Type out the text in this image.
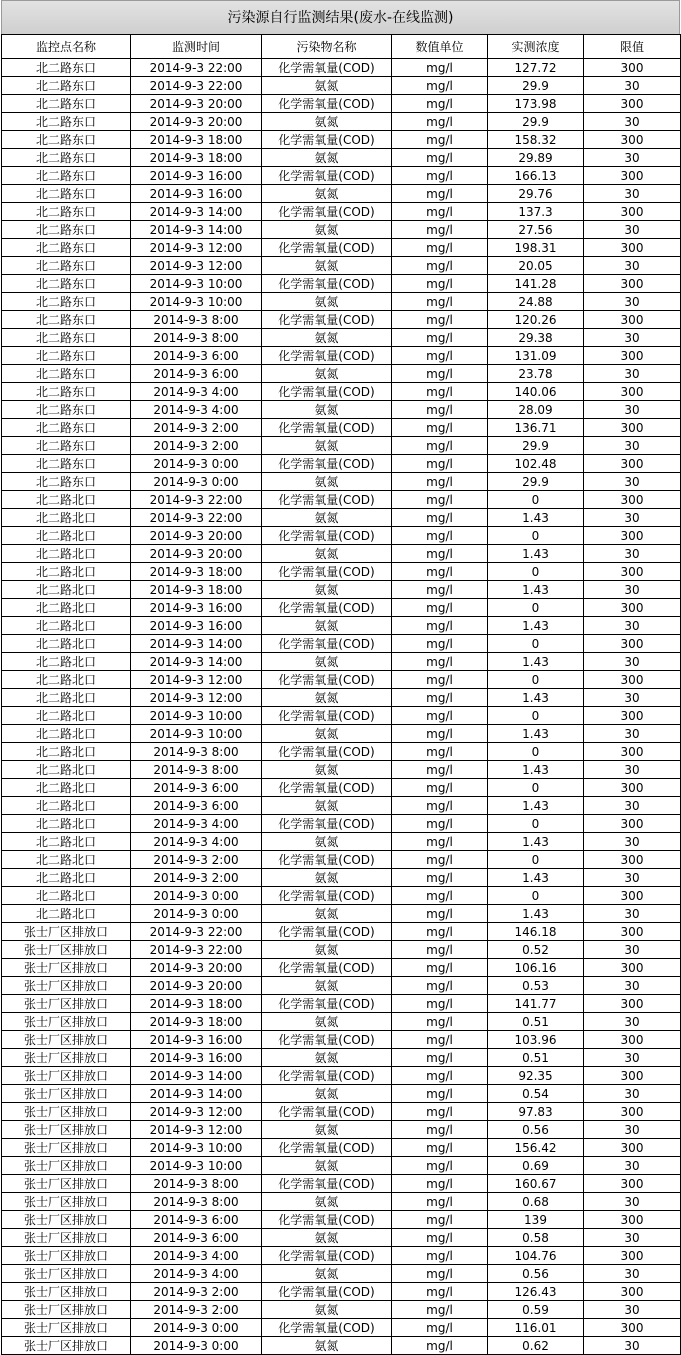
污染源自行监测结果(废水-在线监测)
监控点名称	监测时间	污染物名称	数值单位	实测浓度	限值
北二路东口	2014-9-3 22:00	化学需氧量(COD)	mg/l	127.72	300
北二路东口	2014-9-3 22:00	氨氮	mg/l	29.9	30
北二路东口	2014-9-3 20:00	化学需氧量(COD)	mg/l	173.98	300
北二路东口	2014-9-3 20:00	氨氮	mg/l	29.9	30
北二路东口	2014-9-3 18:00	化学需氧量(COD)	mg/l	158.32	300
北二路东口	2014-9-3 18:00	氨氮	mg/l	29.89	30
北二路东口	2014-9-3 16:00	化学需氧量(COD)	mg/l	166.13	300
北二路东口	2014-9-3 16:00	氨氮	mg/l	29.76	30
北二路东口	2014-9-3 14:00	化学需氧量(COD)	mg/l	137.3	300
北二路东口	2014-9-3 14:00	氨氮	mg/l	27.56	30
北二路东口	2014-9-3 12:00	化学需氧量(COD)	mg/l	198.31	300
北二路东口	2014-9-3 12:00	氨氮	mg/l	20.05	30
北二路东口	2014-9-3 10:00	化学需氧量(COD)	mg/l	141.28	300
北二路东口	2014-9-3 10:00	氨氮	mg/l	24.88	30
北二路东口	2014-9-3 8:00	化学需氧量(COD)	mg/l	120.26	300
北二路东口	2014-9-3 8:00	氨氮	mg/l	29.38	30
北二路东口	2014-9-3 6:00	化学需氧量(COD)	mg/l	131.09	300
北二路东口	2014-9-3 6:00	氨氮	mg/l	23.78	30
北二路东口	2014-9-3 4:00	化学需氧量(COD)	mg/l	140.06	300
北二路东口	2014-9-3 4:00	氨氮	mg/l	28.09	30
北二路东口	2014-9-3 2:00	化学需氧量(COD)	mg/l	136.71	300
北二路东口	2014-9-3 2:00	氨氮	mg/l	29.9	30
北二路东口	2014-9-3 0:00	化学需氧量(COD)	mg/l	102.48	300
北二路东口	2014-9-3 0:00	氨氮	mg/l	29.9	30
北二路北口	2014-9-3 22:00	化学需氧量(COD)	mg/l	0	300
北二路北口	2014-9-3 22:00	氨氮	mg/l	1.43	30
北二路北口	2014-9-3 20:00	化学需氧量(COD)	mg/l	0	300
北二路北口	2014-9-3 20:00	氨氮	mg/l	1.43	30
北二路北口	2014-9-3 18:00	化学需氧量(COD)	mg/l	0	300
北二路北口	2014-9-3 18:00	氨氮	mg/l	1.43	30
北二路北口	2014-9-3 16:00	化学需氧量(COD)	mg/l	0	300
北二路北口	2014-9-3 16:00	氨氮	mg/l	1.43	30
北二路北口	2014-9-3 14:00	化学需氧量(COD)	mg/l	0	300
北二路北口	2014-9-3 14:00	氨氮	mg/l	1.43	30
北二路北口	2014-9-3 12:00	化学需氧量(COD)	mg/l	0	300
北二路北口	2014-9-3 12:00	氨氮	mg/l	1.43	30
北二路北口	2014-9-3 10:00	化学需氧量(COD)	mg/l	0	300
北二路北口	2014-9-3 10:00	氨氮	mg/l	1.43	30
北二路北口	2014-9-3 8:00	化学需氧量(COD)	mg/l	0	300
北二路北口	2014-9-3 8:00	氨氮	mg/l	1.43	30
北二路北口	2014-9-3 6:00	化学需氧量(COD)	mg/l	0	300
北二路北口	2014-9-3 6:00	氨氮	mg/l	1.43	30
北二路北口	2014-9-3 4:00	化学需氧量(COD)	mg/l	0	300
北二路北口	2014-9-3 4:00	氨氮	mg/l	1.43	30
北二路北口	2014-9-3 2:00	化学需氧量(COD)	mg/l	0	300
北二路北口	2014-9-3 2:00	氨氮	mg/l	1.43	30
北二路北口	2014-9-3 0:00	化学需氧量(COD)	mg/l	0	300
北二路北口	2014-9-3 0:00	氨氮	mg/l	1.43	30
张士厂区排放口	2014-9-3 22:00	化学需氧量(COD)	mg/l	146.18	300
张士厂区排放口	2014-9-3 22:00	氨氮	mg/l	0.52	30
张士厂区排放口	2014-9-3 20:00	化学需氧量(COD)	mg/l	106.16	300
张士厂区排放口	2014-9-3 20:00	氨氮	mg/l	0.53	30
张士厂区排放口	2014-9-3 18:00	化学需氧量(COD)	mg/l	141.77	300
张士厂区排放口	2014-9-3 18:00	氨氮	mg/l	0.51	30
张士厂区排放口	2014-9-3 16:00	化学需氧量(COD)	mg/l	103.96	300
张士厂区排放口	2014-9-3 16:00	氨氮	mg/l	0.51	30
张士厂区排放口	2014-9-3 14:00	化学需氧量(COD)	mg/l	92.35	300
张士厂区排放口	2014-9-3 14:00	氨氮	mg/l	0.54	30
张士厂区排放口	2014-9-3 12:00	化学需氧量(COD)	mg/l	97.83	300
张士厂区排放口	2014-9-3 12:00	氨氮	mg/l	0.56	30
张士厂区排放口	2014-9-3 10:00	化学需氧量(COD)	mg/l	156.42	300
张士厂区排放口	2014-9-3 10:00	氨氮	mg/l	0.69	30
张士厂区排放口	2014-9-3 8:00	化学需氧量(COD)	mg/l	160.67	300
张士厂区排放口	2014-9-3 8:00	氨氮	mg/l	0.68	30
张士厂区排放口	2014-9-3 6:00	化学需氧量(COD)	mg/l	139	300
张士厂区排放口	2014-9-3 6:00	氨氮	mg/l	0.58	30
张士厂区排放口	2014-9-3 4:00	化学需氧量(COD)	mg/l	104.76	300
张士厂区排放口	2014-9-3 4:00	氨氮	mg/l	0.56	30
张士厂区排放口	2014-9-3 2:00	化学需氧量(COD)	mg/l	126.43	300
张士厂区排放口	2014-9-3 2:00	氨氮	mg/l	0.59	30
张士厂区排放口	2014-9-3 0:00	化学需氧量(COD)	mg/l	116.01	300
张士厂区排放口	2014-9-3 0:00	氨氮	mg/l	0.62	30
